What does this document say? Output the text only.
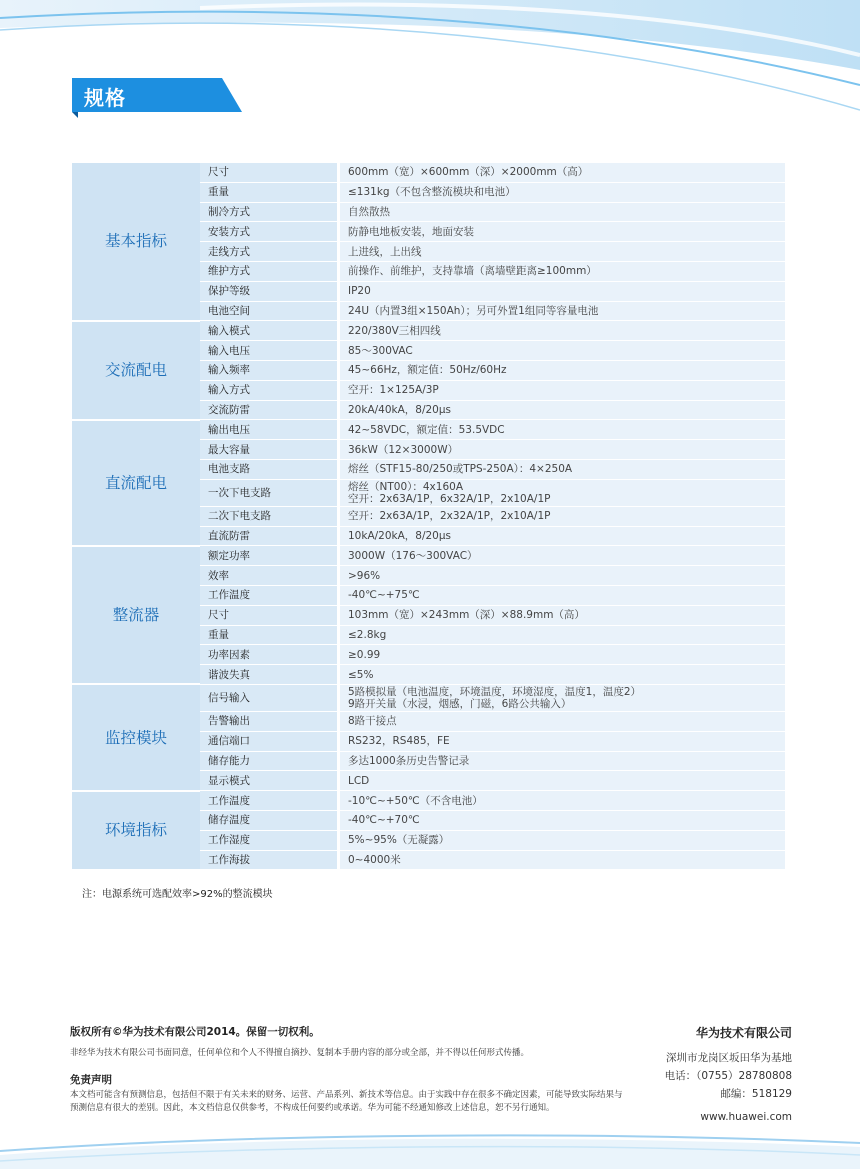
规格
基本指标	尺寸	600mm（宽）×600mm（深）×2000mm（高）
	重量	≤131kg（不包含整流模块和电池）
	制冷方式	自然散热
	安装方式	防静电地板安装，地面安装
	走线方式	上进线，上出线
	维护方式	前操作、前维护，支持靠墙（离墙壁距离≥100mm）
	保护等级	IP20
	电池空间	24U（内置3组×150Ah）；另可外置1组同等容量电池
交流配电	输入模式	220/380V三相四线
	输入电压	85～300VAC
	输入频率	45~66Hz，额定值：50Hz/60Hz
	输入方式	空开：1×125A/3P
	交流防雷	20kA/40kA，8/20μs
直流配电	输出电压	42~58VDC，额定值：53.5VDC
	最大容量	36kW（12×3000W）
	电池支路	熔丝（STF15-80/250或TPS-250A）：4×250A
	一次下电支路	熔丝（NT00）：4x160A
空开：2x63A/1P，6x32A/1P，2x10A/1P
	二次下电支路	空开：2x63A/1P，2x32A/1P，2x10A/1P
	直流防雷	10kA/20kA，8/20μs
整流器	额定功率	3000W（176～300VAC）
	效率	>96%
	工作温度	-40℃~+75℃
	尺寸	103mm（宽）×243mm（深）×88.9mm（高）
	重量	≤2.8kg
	功率因素	≥0.99
	谐波失真	≤5%
监控模块	信号输入	5路模拟量（电池温度，环境温度，环境湿度，温度1，温度2）
9路开关量（水浸，烟感，门磁，6路公共输入）
	告警输出	8路干接点
	通信端口	RS232，RS485，FE
	储存能力	多达1000条历史告警记录
	显示模式	LCD
环境指标	工作温度	-10℃~+50℃（不含电池）
	储存温度	-40℃~+70℃
	工作湿度	5%~95%（无凝露）
	工作海拔	0~4000米
注：电源系统可选配效率>92%的整流模块
版权所有©华为技术有限公司2014。保留一切权利。
非经华为技术有限公司书面同意，任何单位和个人不得擅自摘抄、复制本手册内容的部分或全部，并不得以任何形式传播。
免责声明
本文档可能含有预测信息，包括但不限于有关未来的财务、运营、产品系列、新技术等信息。由于实践中存在很多不确定因素，可能导致实际结果与预测信息有很大的差别。因此，本文档信息仅供参考，不构成任何要约或承诺。华为可能不经通知修改上述信息，恕不另行通知。
华为技术有限公司
深圳市龙岗区坂田华为基地
电话：（0755）28780808
邮编：518129
www.huawei.com
